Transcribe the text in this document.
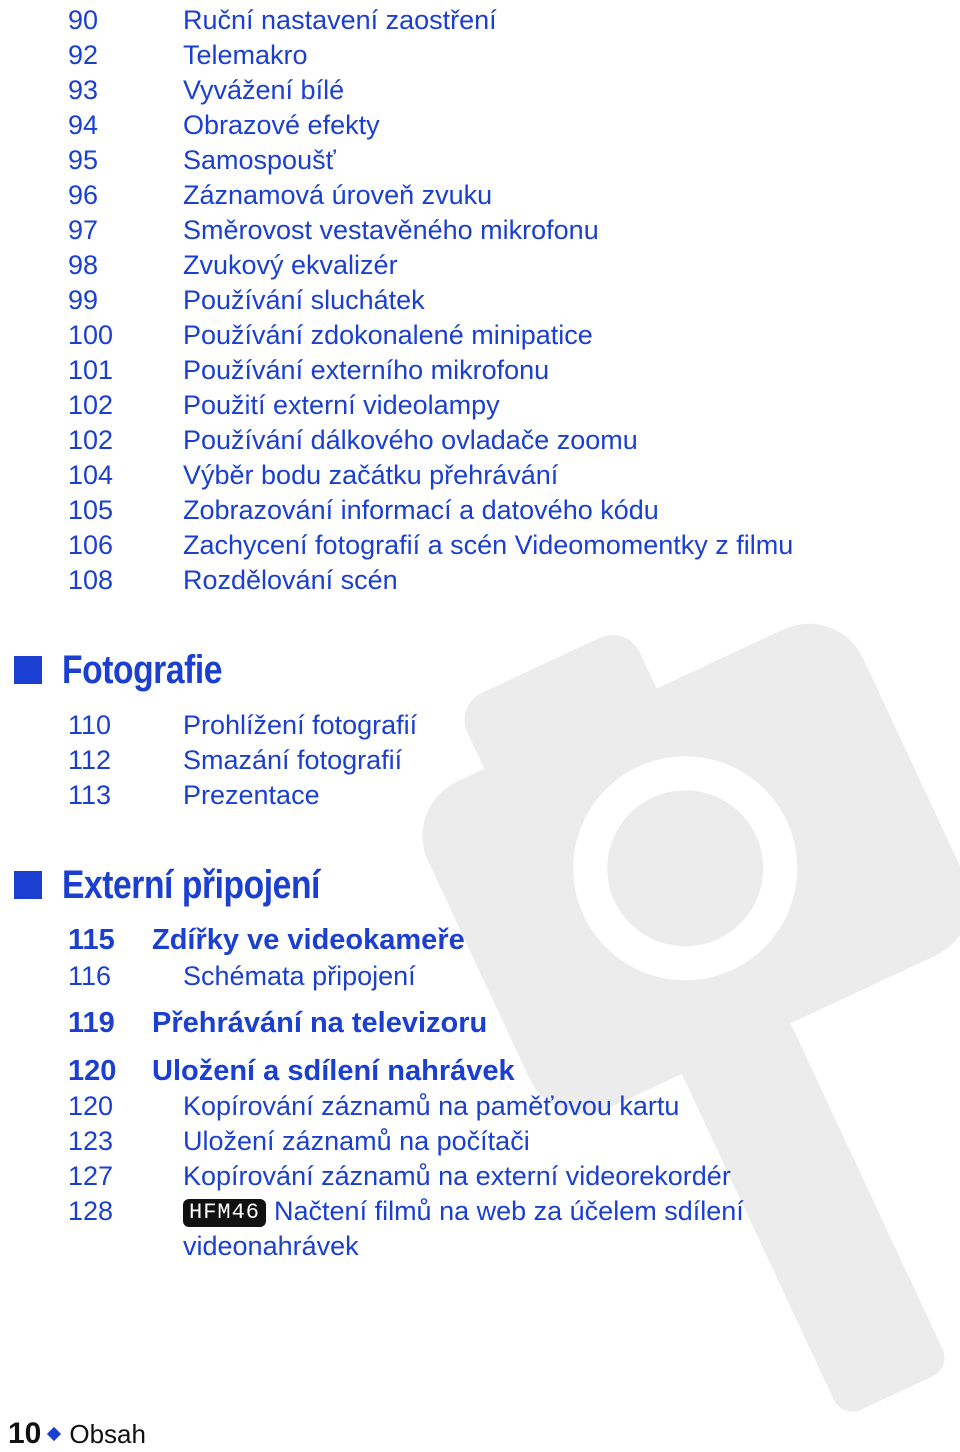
90	Ruční nastavení zaostření
92	Telemakro
93	Vyvážení bílé
94	Obrazové efekty
95	Samospoušť
96	Záznamová úroveň zvuku
97	Směrovost vestavěného mikrofonu
98	Zvukový ekvalizér
99	Používání sluchátek
100	Používání zdokonalené minipatice
101	Používání externího mikrofonu
102	Použití externí videolampy
102	Používání dálkového ovladače zoomu
104	Výběr bodu začátku přehrávání
105	Zobrazování informací a datového kódu
106	Zachycení fotografií a scén Videomomentky z filmu
108	Rozdělování scén
Fotografie
110	Prohlížení fotografií
112	Smazání fotografií
113	Prezentace
Externí připojení
115 Zdířky ve videokameře
116	Schémata připojení
119 Přehrávání na televizoru
120 Uložení a sdílení nahrávek
120	Kopírování záznamů na paměťovou kartu
123	Uložení záznamů na počítači
127	Kopírování záznamů na externí videorekordér
128	HFM46 Načtení filmů na web za účelem sdílení
videonahrávek
10 Obsah
